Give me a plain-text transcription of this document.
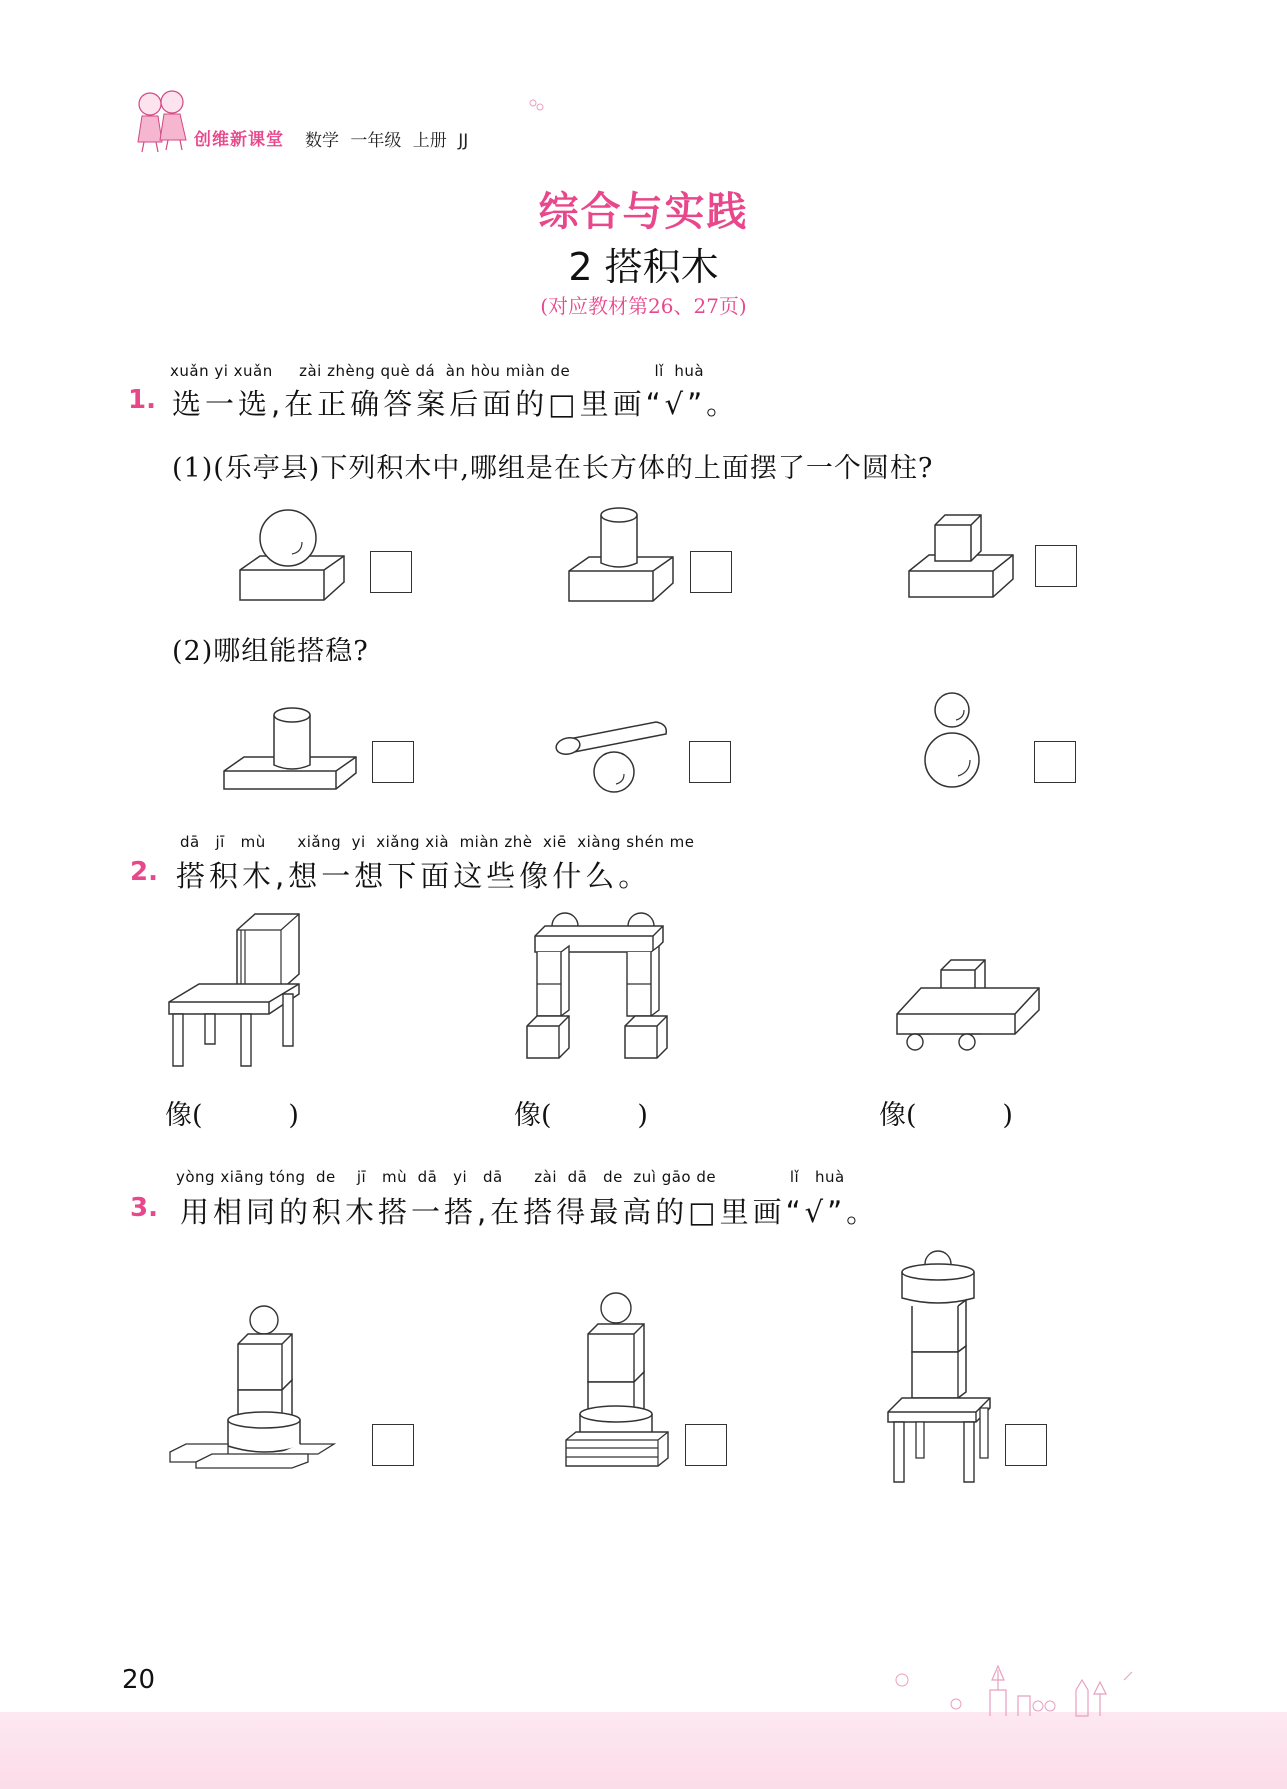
创维新课堂 数学 一年级 上册 JJ
综合与实践
2 搭积木
(对应教材第26、27页)
xuǎn yi xuǎn     zài zhèng què dá  àn hòu miàn de                lǐ  huà
1. 选一选,在正确答案后面的□里画“√”。
(1)(乐亭县)下列积木中,哪组是在长方体的上面摆了一个圆柱?
(2)哪组能搭稳?
dā   jī   mù      xiǎng  yi  xiǎng xià  miàn zhè  xiē  xiàng shén me
2. 搭积木,想一想下面这些像什么。
像(          )	像(          )	像(          )
yòng xiāng tóng  de    jī   mù  dā   yi   dā      zài  dā   de  zuì gāo de              lǐ   huà
3. 用相同的积木搭一搭,在搭得最高的□里画“√”。
20
